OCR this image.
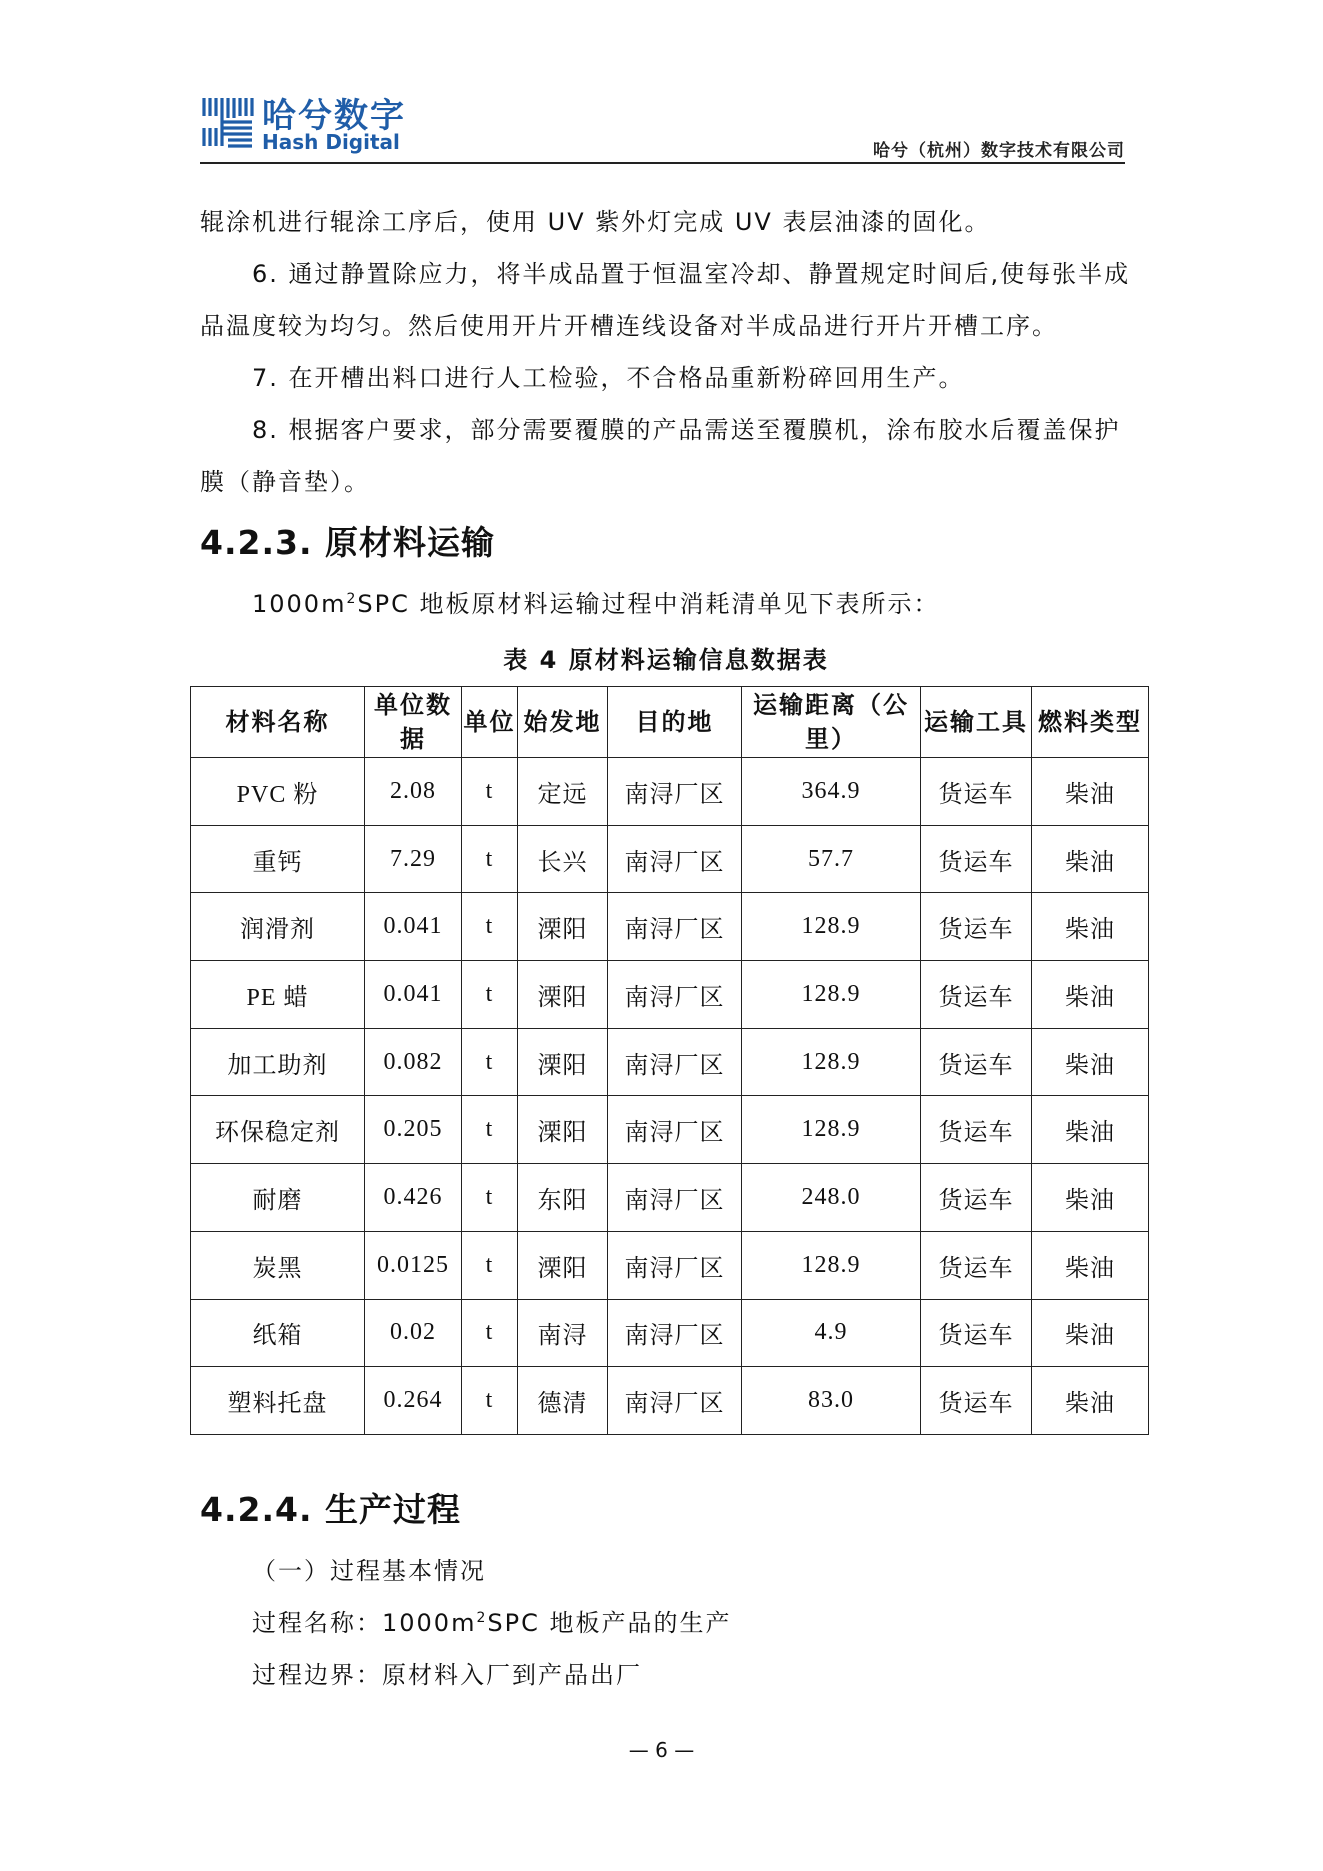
哈兮数字
Hash Digital	哈兮（杭州）数字技术有限公司

辊涂机进行辊涂工序后，使用 UV 紫外灯完成 UV 表层油漆的固化。

6. 通过静置除应力，将半成品置于恒温室冷却、静置规定时间后,使每张半成品温度较为均匀。然后使用开片开槽连线设备对半成品进行开片开槽工序。

7. 在开槽出料口进行人工检验，不合格品重新粉碎回用生产。

8. 根据客户要求，部分需要覆膜的产品需送至覆膜机，涂布胶水后覆盖保护膜（静音垫）。

4.2.3. 原材料运输

$1000m^2SPC$ 地板原材料运输过程中消耗清单见下表所示：

表 4 原材料运输信息数据表
材料名称	单位数据	单位	始发地	目的地	运输距离（公里）	运输工具	燃料类型
PVC 粉	2.08	t	定远	南浔厂区	364.9	货运车	柴油
重钙	7.29	t	长兴	南浔厂区	57.7	货运车	柴油
润滑剂	0.041	t	溧阳	南浔厂区	128.9	货运车	柴油
PE 蜡	0.041	t	溧阳	南浔厂区	128.9	货运车	柴油
加工助剂	0.082	t	溧阳	南浔厂区	128.9	货运车	柴油
环保稳定剂	0.205	t	溧阳	南浔厂区	128.9	货运车	柴油
耐磨	0.426	t	东阳	南浔厂区	248.0	货运车	柴油
炭黑	0.0125	t	溧阳	南浔厂区	128.9	货运车	柴油
纸箱	0.02	t	南浔	南浔厂区	4.9	货运车	柴油
塑料托盘	0.264	t	德清	南浔厂区	83.0	货运车	柴油
4.2.4. 生产过程

（一）过程基本情况

过程名称：$1000m^2SPC$ 地板产品的生产

过程边界：原材料入厂到产品出厂

— 6 —
